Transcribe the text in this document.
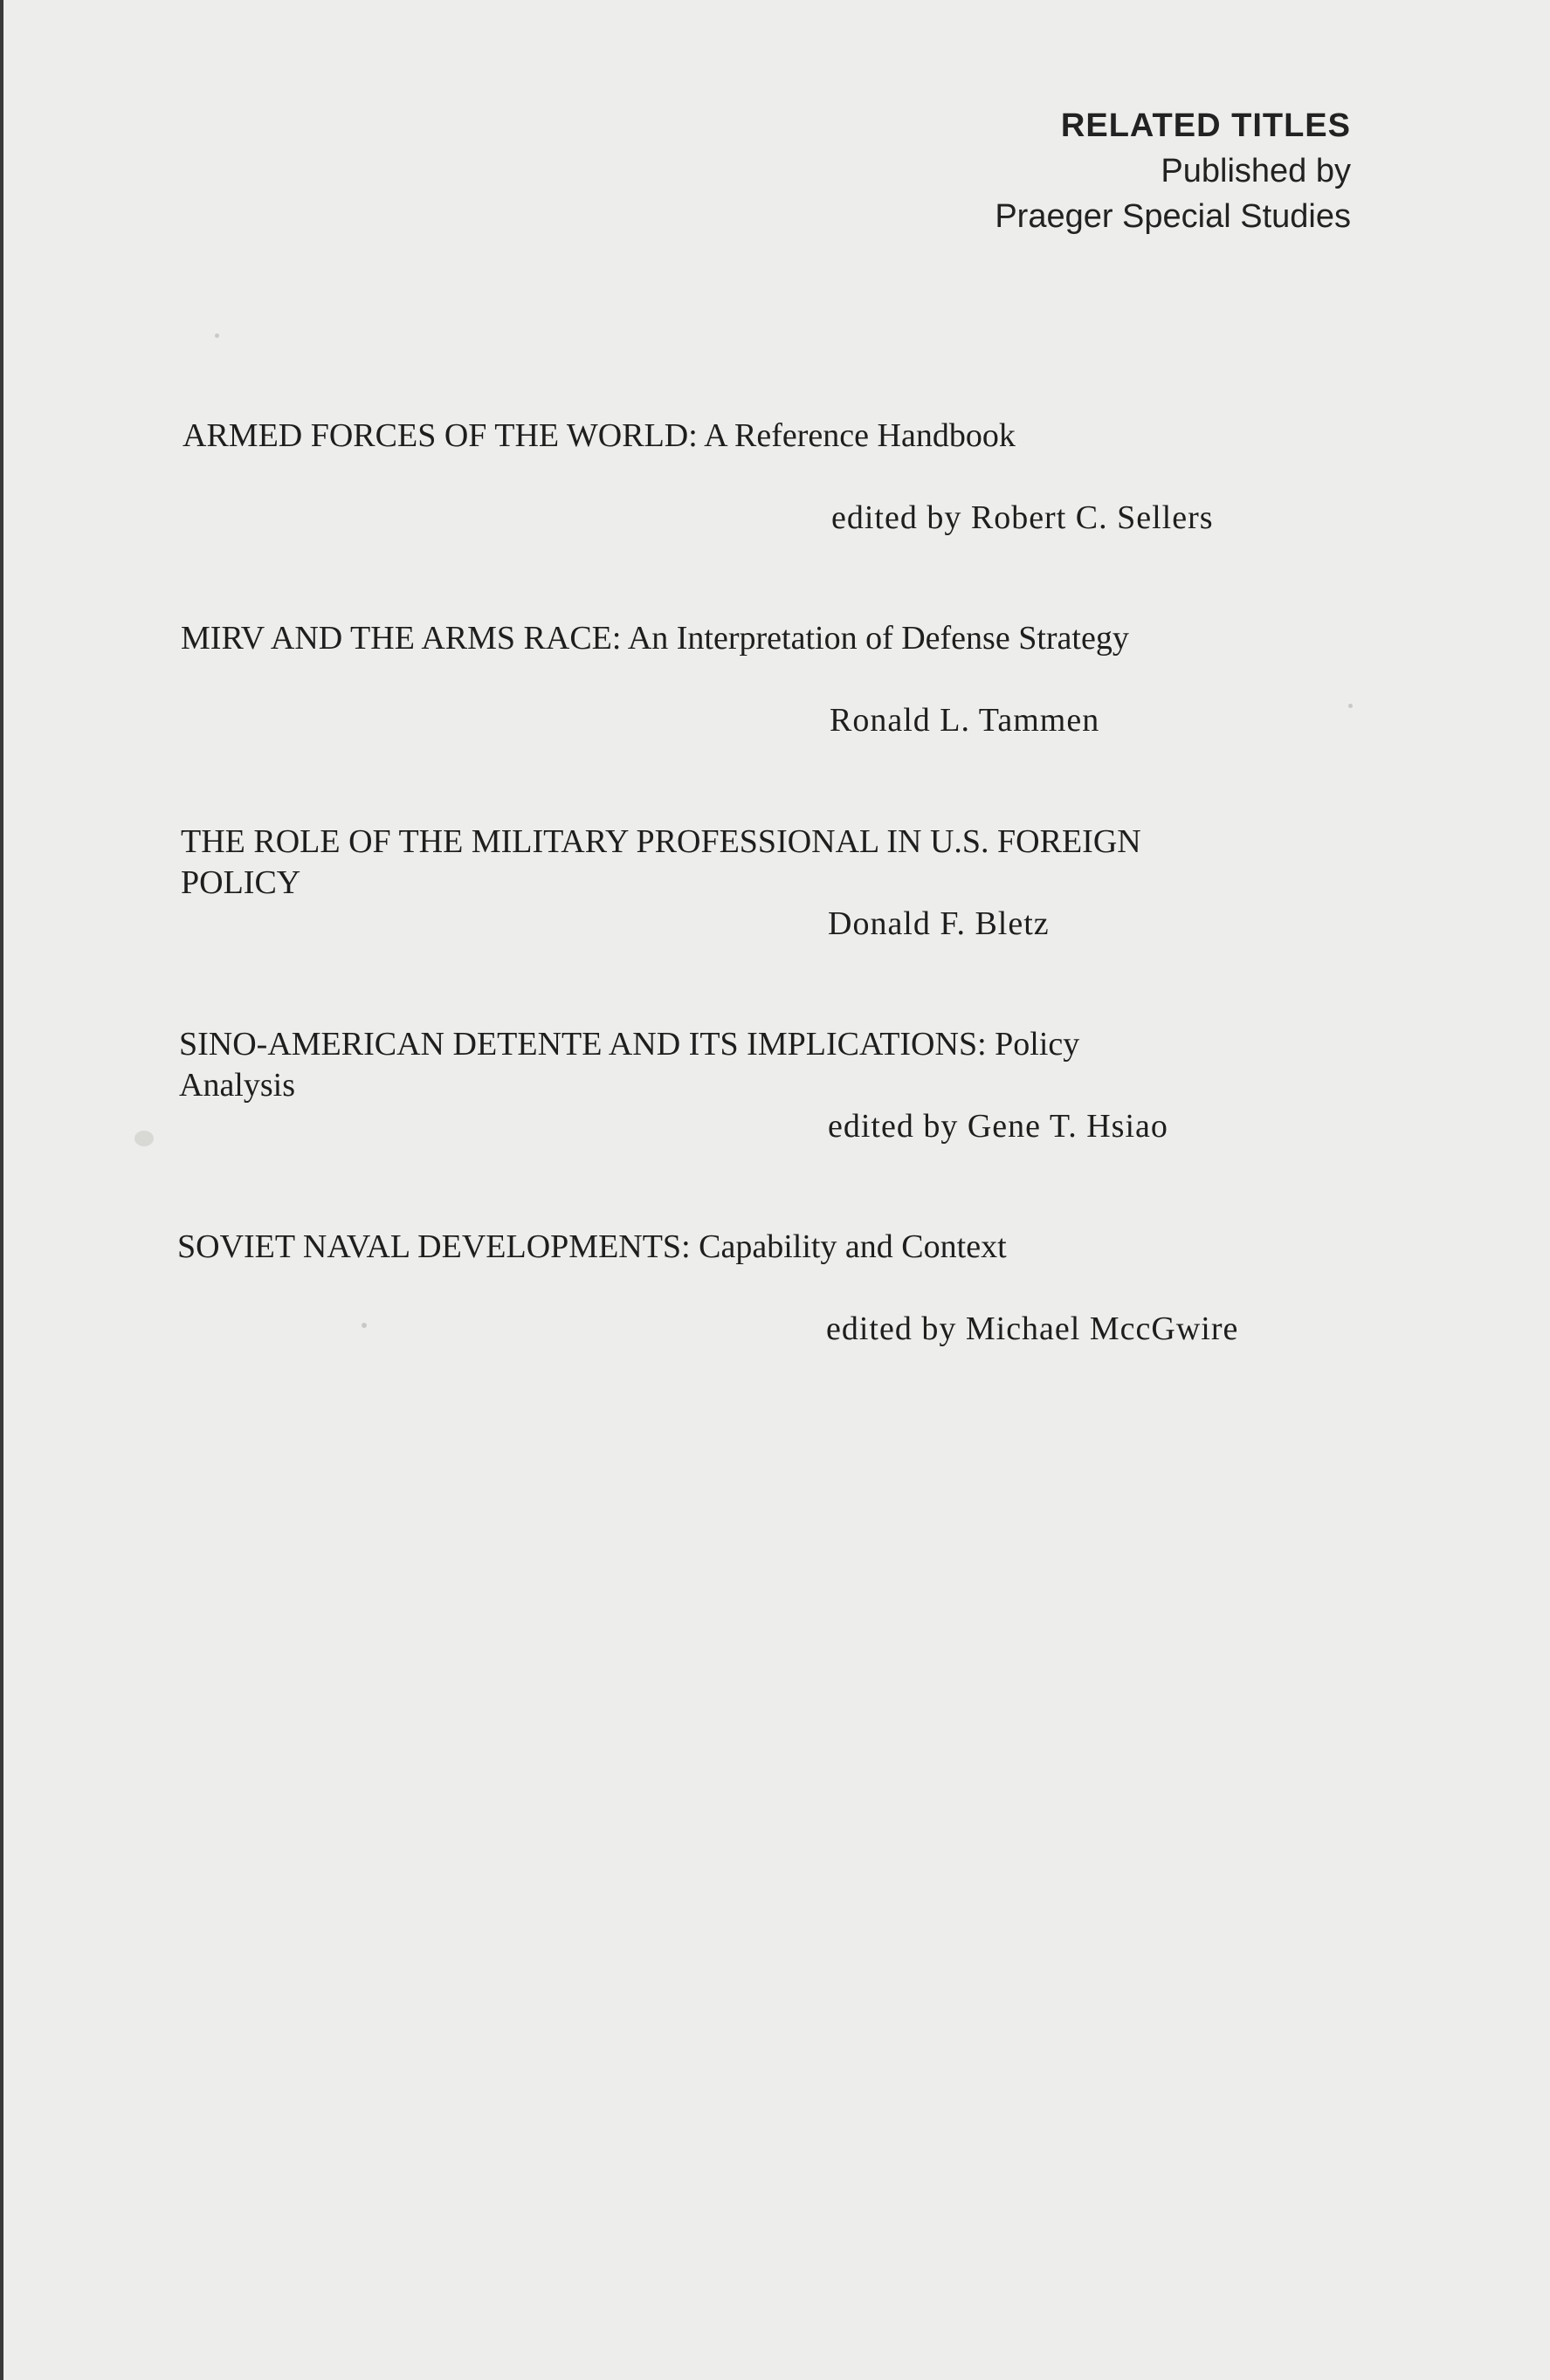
RELATED TITLES
Published by
Praeger Special Studies
ARMED FORCES OF THE WORLD: A Reference Handbook
edited by Robert C. Sellers
MIRV AND THE ARMS RACE: An Interpretation of Defense Strategy
Ronald L. Tammen
THE ROLE OF THE MILITARY PROFESSIONAL IN U.S. FOREIGN POLICY
Donald F. Bletz
SINO-AMERICAN DETENTE AND ITS IMPLICATIONS: Policy Analysis
edited by Gene T. Hsiao
SOVIET NAVAL DEVELOPMENTS: Capability and Context
edited by Michael MccGwire
